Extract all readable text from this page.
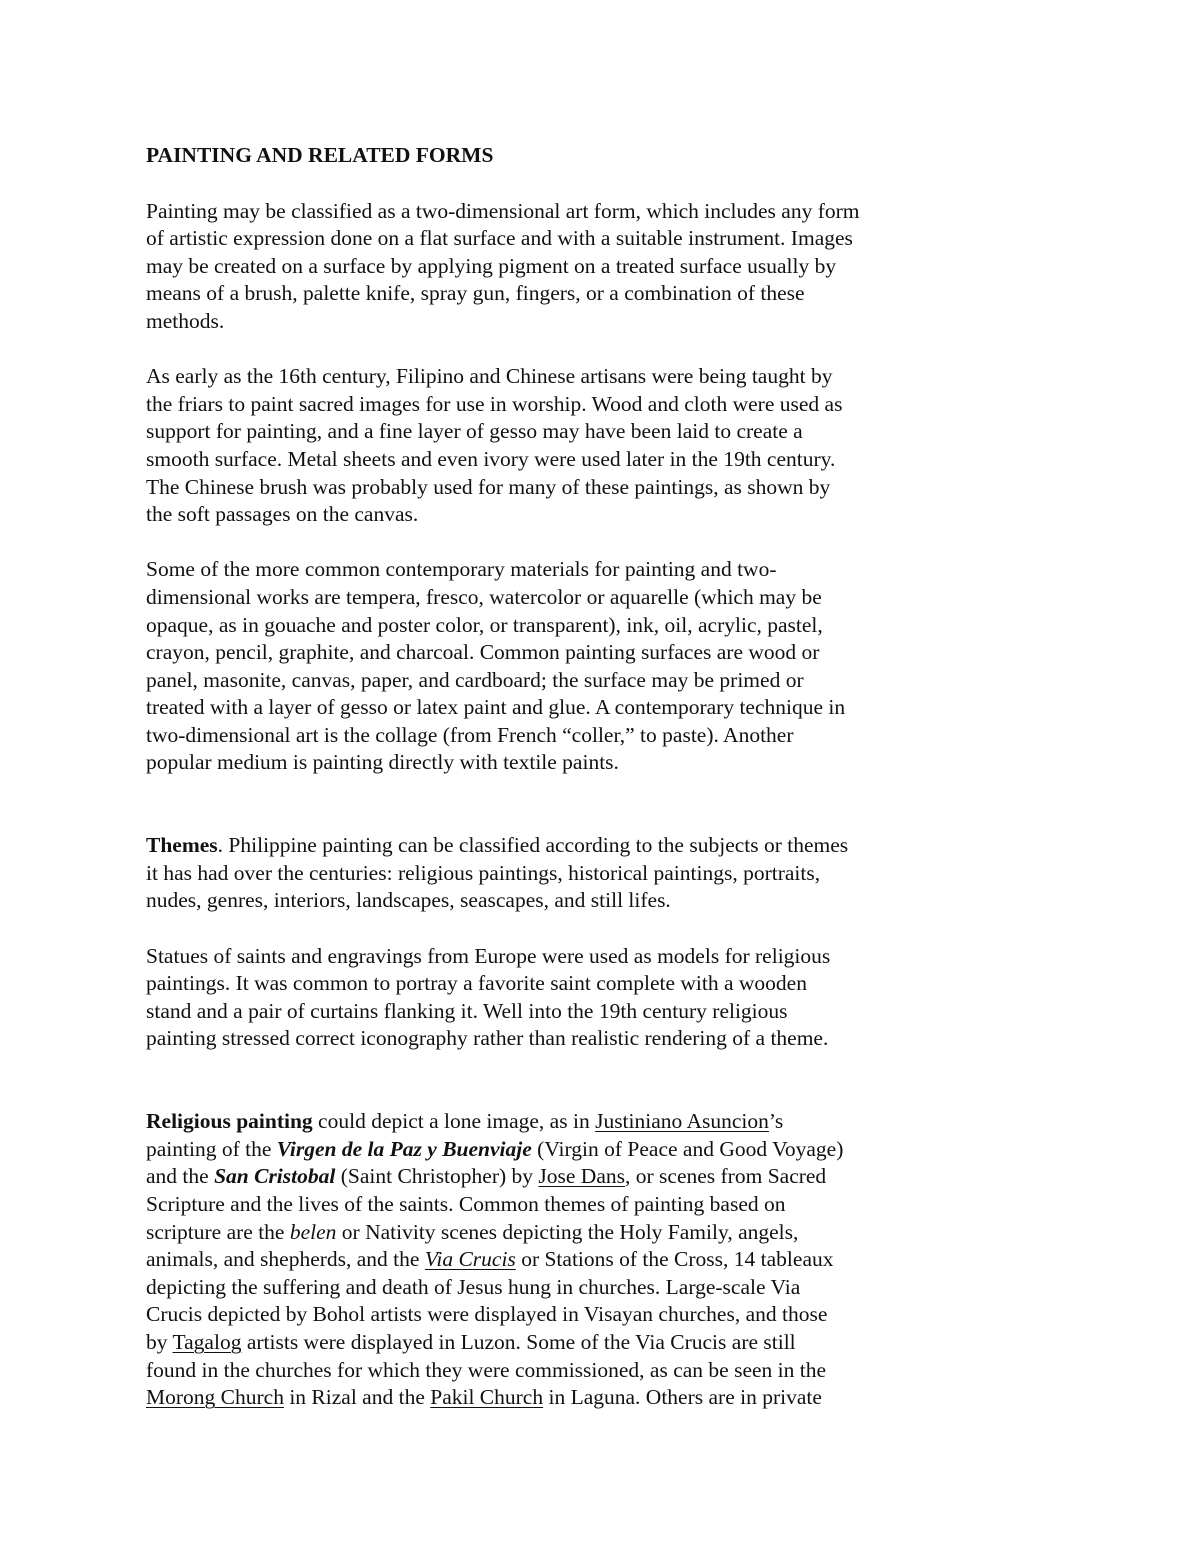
PAINTING AND RELATED FORMS

Painting may be classified as a two-dimensional art form, which includes any form
of artistic expression done on a flat surface and with a suitable instrument. Images
may be created on a surface by applying pigment on a treated surface usually by
means of a brush, palette knife, spray gun, fingers, or a combination of these
methods.

As early as the 16th century, Filipino and Chinese artisans were being taught by
the friars to paint sacred images for use in worship. Wood and cloth were used as
support for painting, and a fine layer of gesso may have been laid to create a
smooth surface. Metal sheets and even ivory were used later in the 19th century.
The Chinese brush was probably used for many of these paintings, as shown by
the soft passages on the canvas.

Some of the more common contemporary materials for painting and two-
dimensional works are tempera, fresco, watercolor or aquarelle (which may be
opaque, as in gouache and poster color, or transparent), ink, oil, acrylic, pastel,
crayon, pencil, graphite, and charcoal. Common painting surfaces are wood or
panel, masonite, canvas, paper, and cardboard; the surface may be primed or
treated with a layer of gesso or latex paint and glue. A contemporary technique in
two-dimensional art is the collage (from French “coller,” to paste). Another
popular medium is painting directly with textile paints.

Themes. Philippine painting can be classified according to the subjects or themes
it has had over the centuries: religious paintings, historical paintings, portraits,
nudes, genres, interiors, landscapes, seascapes, and still lifes.

Statues of saints and engravings from Europe were used as models for religious
paintings. It was common to portray a favorite saint complete with a wooden
stand and a pair of curtains flanking it. Well into the 19th century religious
painting stressed correct iconography rather than realistic rendering of a theme.

Religious painting could depict a lone image, as in Justiniano Asuncion’s
painting of the Virgen de la Paz y Buenviaje (Virgin of Peace and Good Voyage)
and the San Cristobal (Saint Christopher) by Jose Dans, or scenes from Sacred
Scripture and the lives of the saints. Common themes of painting based on
scripture are the belen or Nativity scenes depicting the Holy Family, angels,
animals, and shepherds, and the Via Crucis or Stations of the Cross, 14 tableaux
depicting the suffering and death of Jesus hung in churches. Large-scale Via
Crucis depicted by Bohol artists were displayed in Visayan churches, and those
by Tagalog artists were displayed in Luzon. Some of the Via Crucis are still
found in the churches for which they were commissioned, as can be seen in the
Morong Church in Rizal and the Pakil Church in Laguna. Others are in private
